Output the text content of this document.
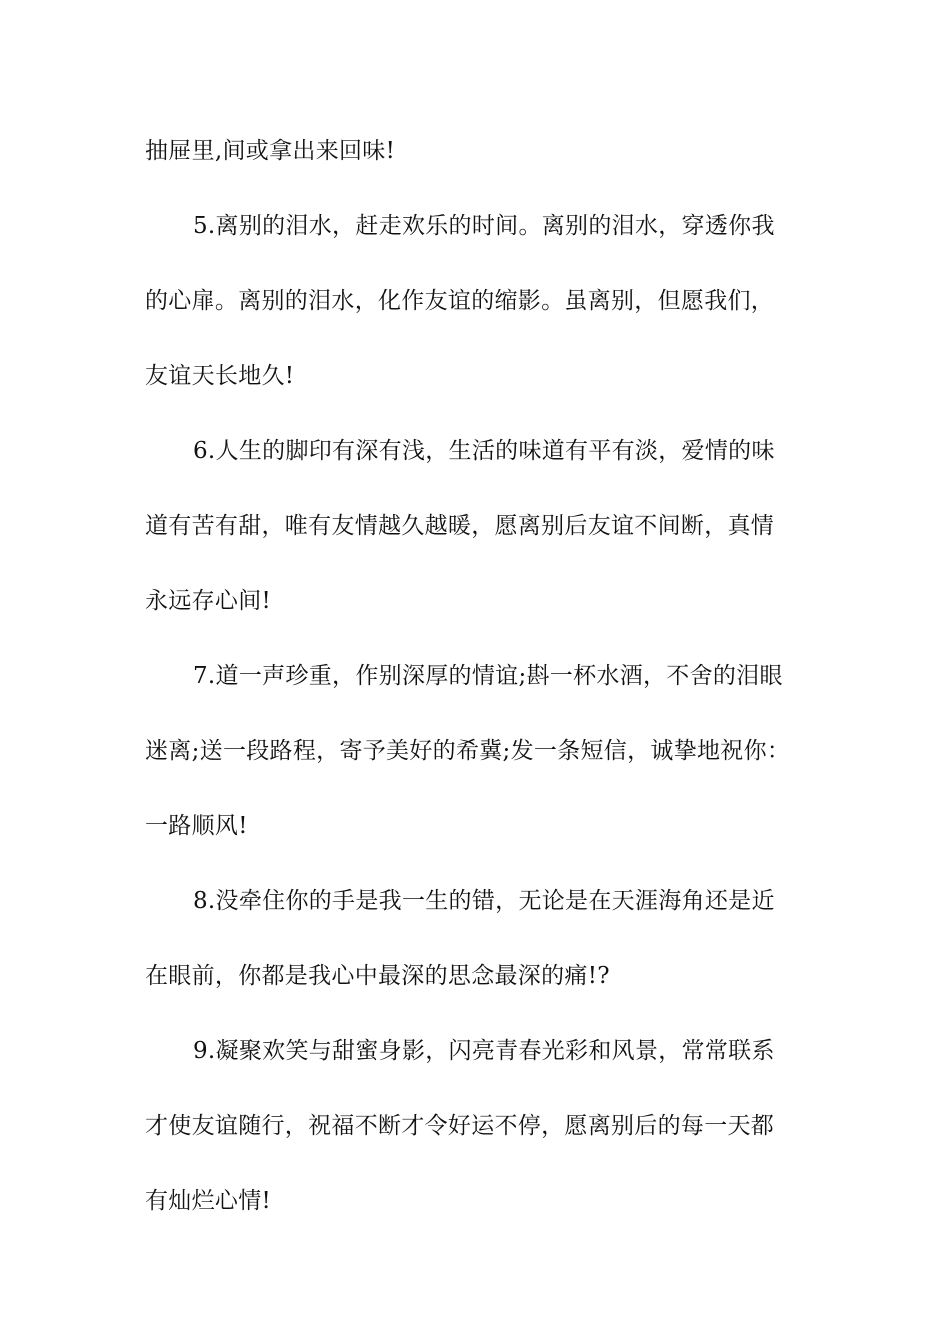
抽屉里,间或拿出来回味!
5.离别的泪水，赶走欢乐的时间。离别的泪水，穿透你我
的心扉。离别的泪水，化作友谊的缩影。虽离别，但愿我们，
友谊天长地久!
6.人生的脚印有深有浅，生活的味道有平有淡，爱情的味
道有苦有甜，唯有友情越久越暖，愿离别后友谊不间断，真情
永远存心间!
7.道一声珍重，作别深厚的情谊;斟一杯水酒，不舍的泪眼
迷离;送一段路程，寄予美好的希冀;发一条短信，诚挚地祝你：
一路顺风!
8.没牵住你的手是我一生的错，无论是在天涯海角还是近
在眼前，你都是我心中最深的思念最深的痛!?
9.凝聚欢笑与甜蜜身影，闪亮青春光彩和风景，常常联系
才使友谊随行，祝福不断才令好运不停，愿离别后的每一天都
有灿烂心情!
